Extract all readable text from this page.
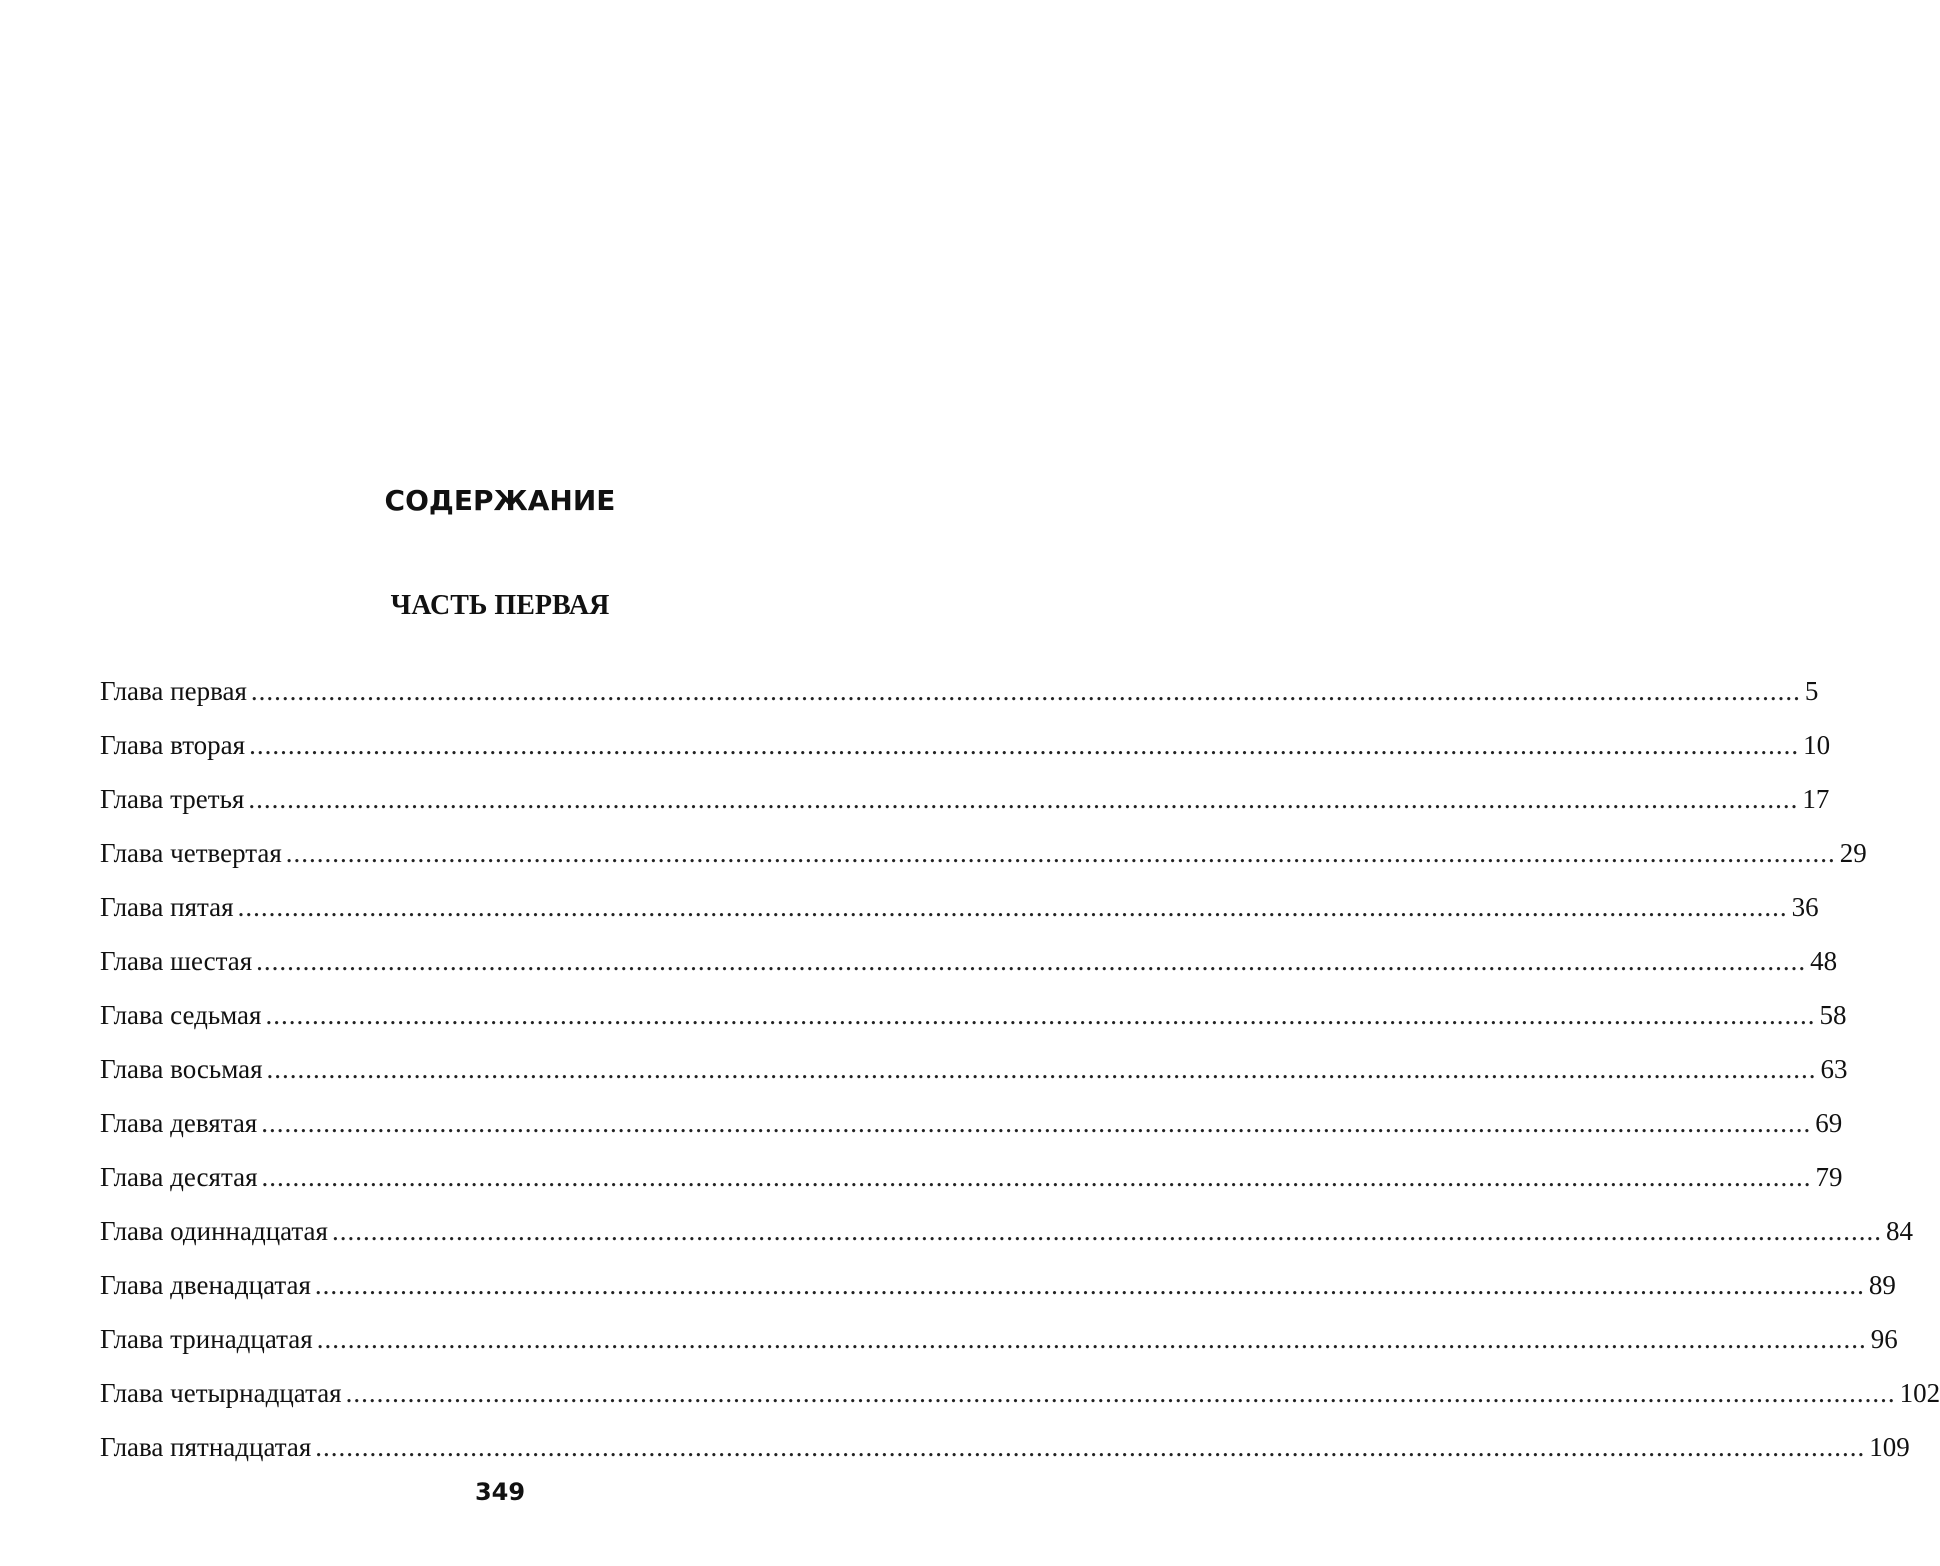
СОДЕРЖАНИЕ
ЧАСТЬ ПЕРВАЯ
Глава первая ........................................................................................................................................................................................................ 5
Глава вторая ........................................................................................................................................................................................................ 10
Глава третья ........................................................................................................................................................................................................ 17
Глава четвертая ........................................................................................................................................................................................................ 29
Глава пятая ........................................................................................................................................................................................................ 36
Глава шестая ........................................................................................................................................................................................................ 48
Глава седьмая ........................................................................................................................................................................................................ 58
Глава восьмая ........................................................................................................................................................................................................ 63
Глава девятая ........................................................................................................................................................................................................ 69
Глава десятая ........................................................................................................................................................................................................ 79
Глава одиннадцатая ........................................................................................................................................................................................................ 84
Глава двенадцатая ........................................................................................................................................................................................................ 89
Глава тринадцатая ........................................................................................................................................................................................................ 96
Глава четырнадцатая ........................................................................................................................................................................................................ 102
Глава пятнадцатая ........................................................................................................................................................................................................ 109
349
